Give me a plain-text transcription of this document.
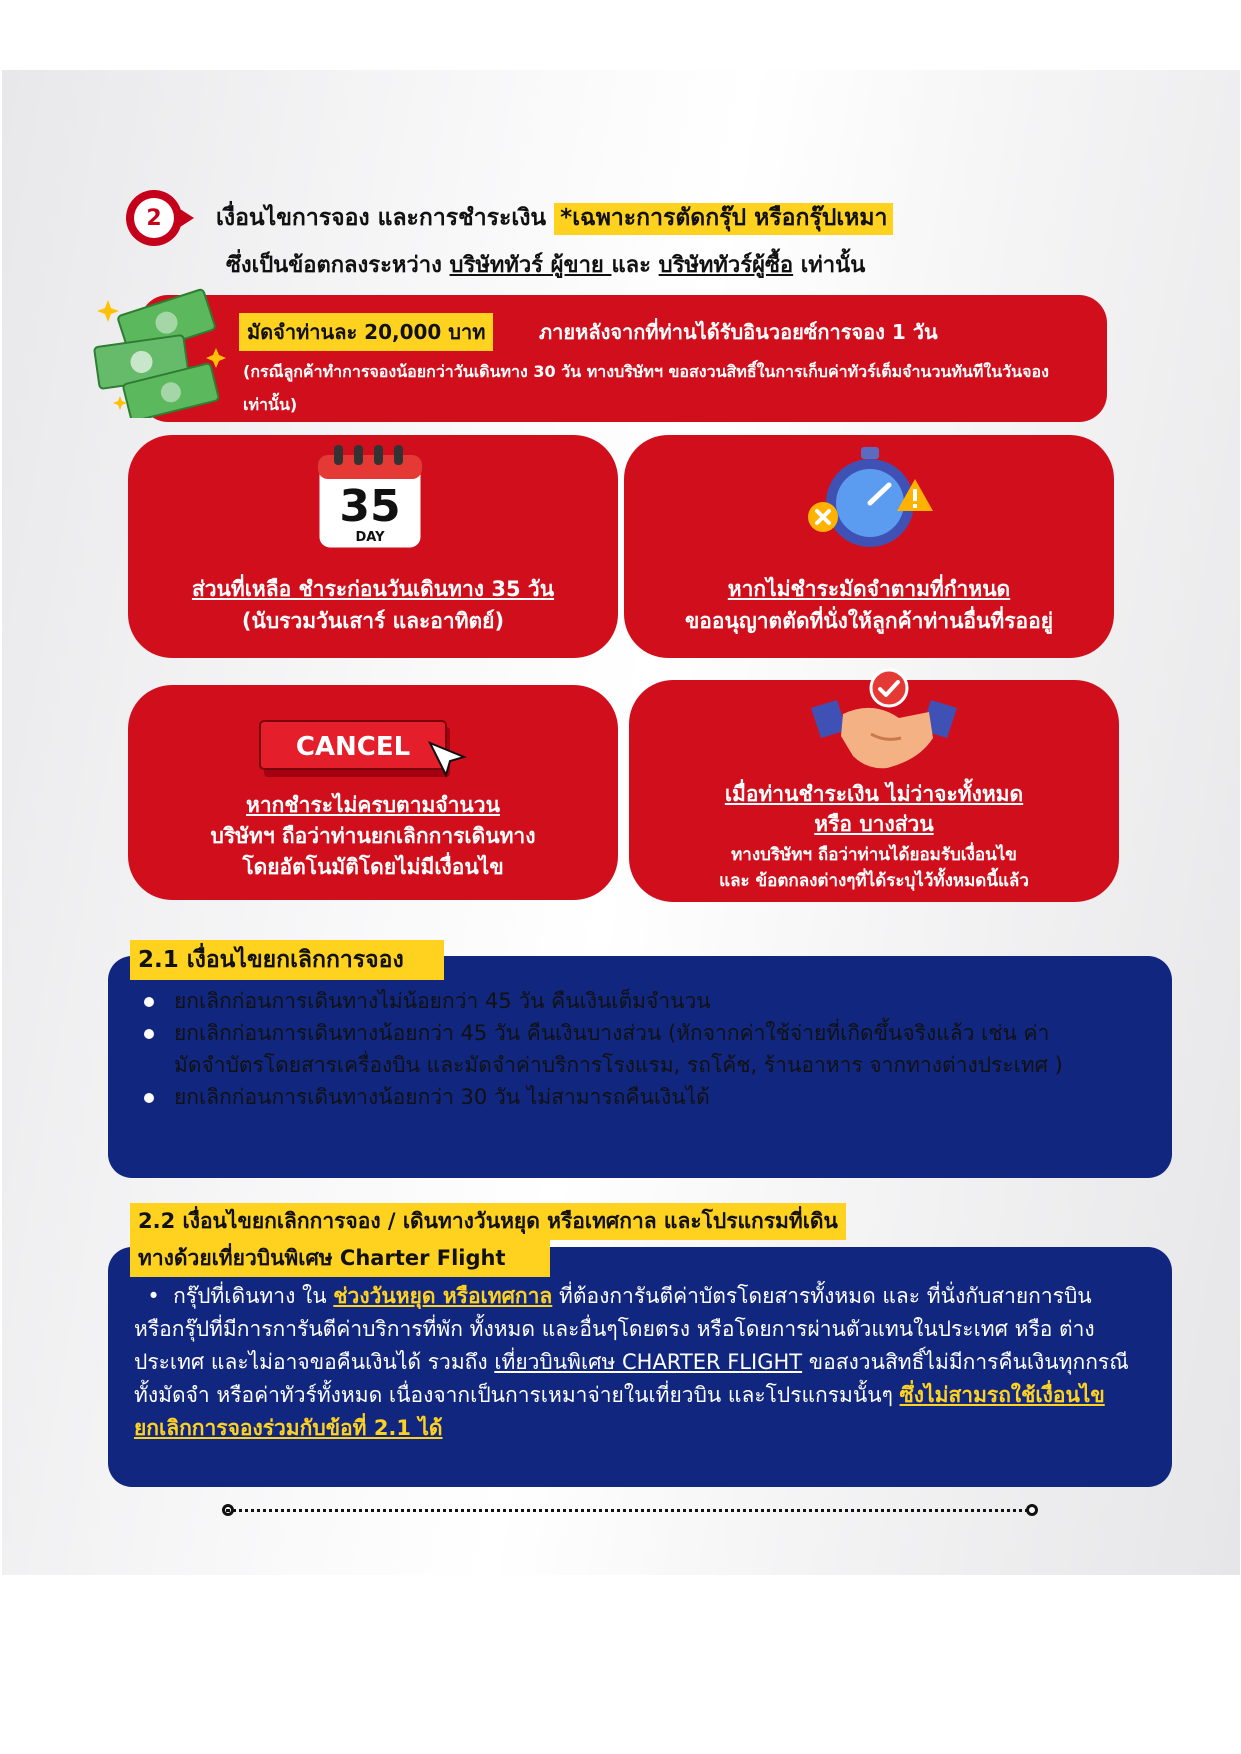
2	เงื่อนไขการจอง และการชำระเงิน *เฉพาะการตัดกรุ๊ป หรือกรุ๊ปเหมา
ซึ่งเป็นข้อตกลงระหว่าง บริษัททัวร์ ผู้ขาย และ บริษัททัวร์ผู้ซื้อ เท่านั้น
มัดจำท่านละ 20,000 บาท	ภายหลังจากที่ท่านได้รับอินวอยซ์การจอง 1 วัน
(กรณีลูกค้าทำการจองน้อยกว่าวันเดินทาง 30 วัน ทางบริษัทฯ ขอสงวนสิทธิ์ในการเก็บค่าทัวร์เต็มจำนวนทันทีในวันจองเท่านั้น)
35
DAY
ส่วนที่เหลือ ชำระก่อนวันเดินทาง 35 วัน
(นับรวมวันเสาร์ และอาทิตย์)
หากไม่ชำระมัดจำตามที่กำหนด
ขออนุญาตตัดที่นั่งให้ลูกค้าท่านอื่นที่รออยู่
CANCEL
หากชำระไม่ครบตามจำนวน
บริษัทฯ ถือว่าท่านยกเลิกการเดินทาง
โดยอัตโนมัติโดยไม่มีเงื่อนไข
เมื่อท่านชำระเงิน ไม่ว่าจะทั้งหมด
หรือ บางส่วน
ทางบริษัทฯ ถือว่าท่านได้ยอมรับเงื่อนไข
และ ข้อตกลงต่างๆที่ได้ระบุไว้ทั้งหมดนี้แล้ว
2.1 เงื่อนไขยกเลิกการจอง
ยกเลิกก่อนการเดินทางไม่น้อยกว่า 45 วัน คืนเงินเต็มจำนวน
ยกเลิกก่อนการเดินทางน้อยกว่า 45 วัน คืนเงินบางส่วน (หักจากค่าใช้จ่ายที่เกิดขึ้นจริงแล้ว เช่น ค่ามัดจำบัตรโดยสารเครื่องบิน และมัดจำค่าบริการโรงแรม, รถโค้ช, ร้านอาหาร จากทางต่างประเทศ )
ยกเลิกก่อนการเดินทางน้อยกว่า 30 วัน ไม่สามารถคืนเงินได้
2.2 เงื่อนไขยกเลิกการจอง / เดินทางวันหยุด หรือเทศกาล และโปรแกรมที่เดิน
ทางด้วยเที่ยวบินพิเศษ Charter Flight
•  กรุ๊ปที่เดินทาง ใน ช่วงวันหยุด หรือเทศกาล ที่ต้องการันตีค่าบัตรโดยสารทั้งหมด และ ที่นั่งกับสายการบิน หรือกรุ๊ปที่มีการการันตีค่าบริการที่พัก ทั้งหมด และอื่นๆโดยตรง หรือโดยการผ่านตัวแทนในประเทศ หรือ ต่างประเทศ และไม่อาจขอคืนเงินได้ รวมถึง เที่ยวบินพิเศษ CHARTER FLIGHT ขอสงวนสิทธิ์ไม่มีการคืนเงินทุกกรณี ทั้งมัดจำ หรือค่าทัวร์ทั้งหมด เนื่องจากเป็นการเหมาจ่ายในเที่ยวบิน และโปรแกรมนั้นๆ ซึ่งไม่สามรถใช้เงื่อนไขยกเลิกการจองร่วมกับข้อที่ 2.1 ได้
